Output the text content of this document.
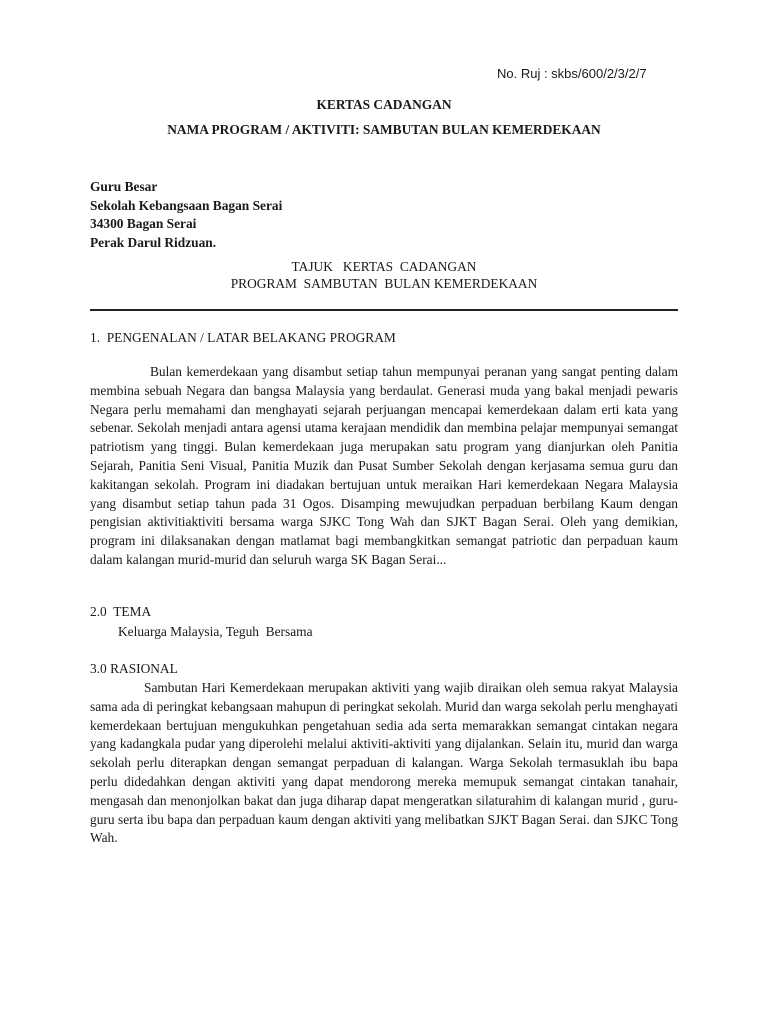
No. Ruj : skbs/600/2/3/2/7
KERTAS CADANGAN
NAMA PROGRAM / AKTIVITI: SAMBUTAN BULAN KEMERDEKAAN
Guru Besar
Sekolah Kebangsaan Bagan Serai
34300 Bagan Serai
Perak Darul Ridzuan.
TAJUK   KERTAS  CADANGAN
PROGRAM  SAMBUTAN  BULAN KEMERDEKAAN
1.  PENGENALAN / LATAR BELAKANG PROGRAM
Bulan kemerdekaan yang disambut setiap tahun mempunyai peranan yang sangat penting dalam membina sebuah Negara dan bangsa Malaysia yang berdaulat. Generasi muda yang bakal menjadi pewaris Negara perlu memahami dan menghayati sejarah perjuangan mencapai kemerdekaan dalam erti kata yang sebenar. Sekolah menjadi antara agensi utama kerajaan mendidik dan membina pelajar mempunyai semangat patriotism yang tinggi. Bulan kemerdekaan juga merupakan satu program yang dianjurkan oleh Panitia Sejarah, Panitia Seni Visual, Panitia Muzik dan Pusat Sumber Sekolah dengan kerjasama semua guru dan kakitangan sekolah. Program ini diadakan bertujuan untuk meraikan Hari kemerdekaan Negara Malaysia yang disambut setiap tahun pada 31 Ogos. Disamping mewujudkan perpaduan berbilang Kaum dengan pengisian aktivitiaktiviti bersama warga SJKC Tong Wah dan SJKT Bagan Serai. Oleh yang demikian, program ini dilaksanakan dengan matlamat bagi membangkitkan semangat patriotic dan perpaduan kaum dalam kalangan murid-murid dan seluruh warga SK Bagan Serai...
2.0  TEMA
Keluarga Malaysia, Teguh  Bersama
3.0 RASIONAL
Sambutan Hari Kemerdekaan merupakan aktiviti yang wajib diraikan oleh semua rakyat Malaysia sama ada di peringkat kebangsaan mahupun di peringkat sekolah. Murid dan warga sekolah perlu menghayati kemerdekaan bertujuan mengukuhkan pengetahuan sedia ada serta memarakkan semangat cintakan negara yang kadangkala pudar yang diperolehi melalui aktiviti-aktiviti yang dijalankan. Selain itu, murid dan warga sekolah perlu diterapkan dengan semangat perpaduan di kalangan. Warga Sekolah termasuklah ibu bapa perlu didedahkan dengan aktiviti yang dapat mendorong mereka memupuk semangat cintakan tanahair, mengasah dan menonjolkan bakat dan juga diharap dapat mengeratkan silaturahim di kalangan murid , guru-guru serta ibu bapa dan perpaduan kaum dengan aktiviti yang melibatkan SJKT Bagan Serai. dan SJKC Tong Wah.
